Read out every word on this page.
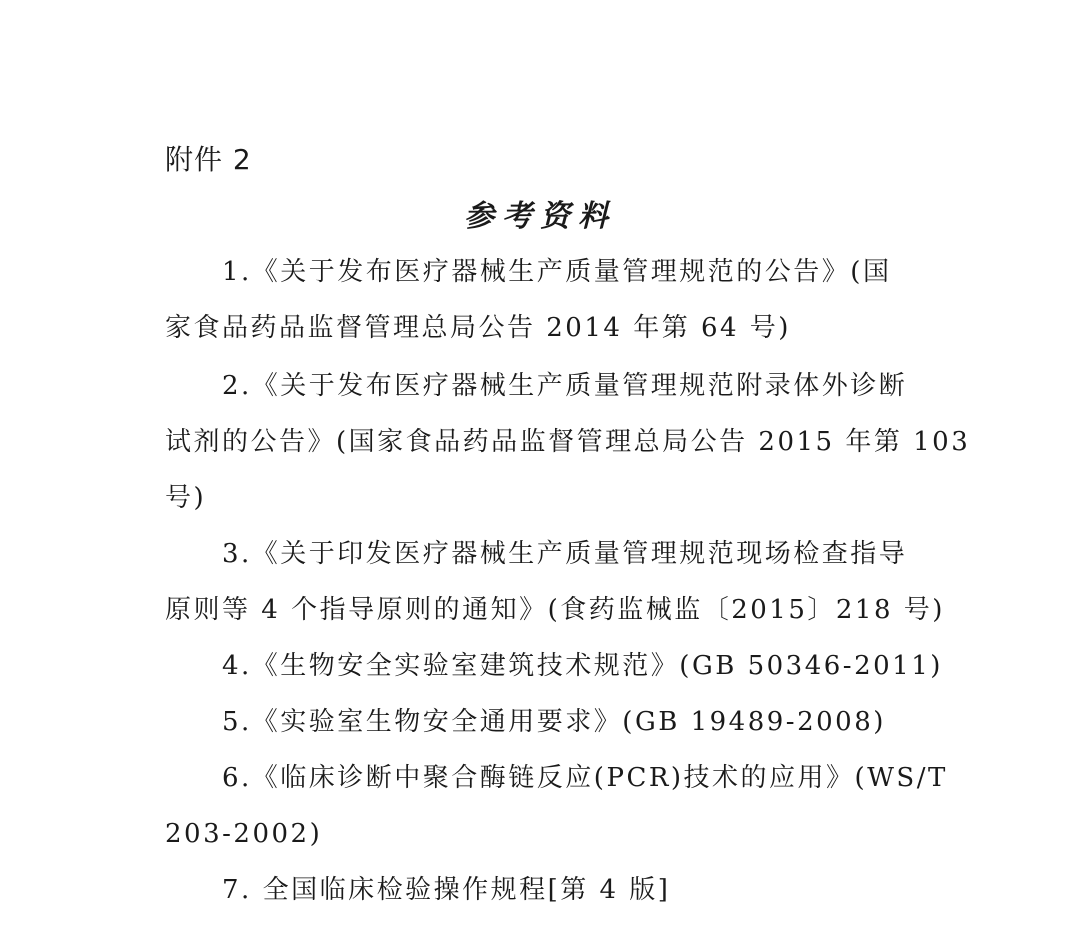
附件 2
参考资料
1.《关于发布医疗器械生产质量管理规范的公告》(国
家食品药品监督管理总局公告 2014 年第 64 号)
2.《关于发布医疗器械生产质量管理规范附录体外诊断
试剂的公告》(国家食品药品监督管理总局公告 2015 年第 103
号)
3.《关于印发医疗器械生产质量管理规范现场检查指导
原则等 4 个指导原则的通知》(食药监械监〔2015〕218 号)
4.《生物安全实验室建筑技术规范》(GB 50346-2011)
5.《实验室生物安全通用要求》(GB 19489-2008)
6.《临床诊断中聚合酶链反应(PCR)技术的应用》(WS/T
203-2002)
7. 全国临床检验操作规程[第 4 版]
